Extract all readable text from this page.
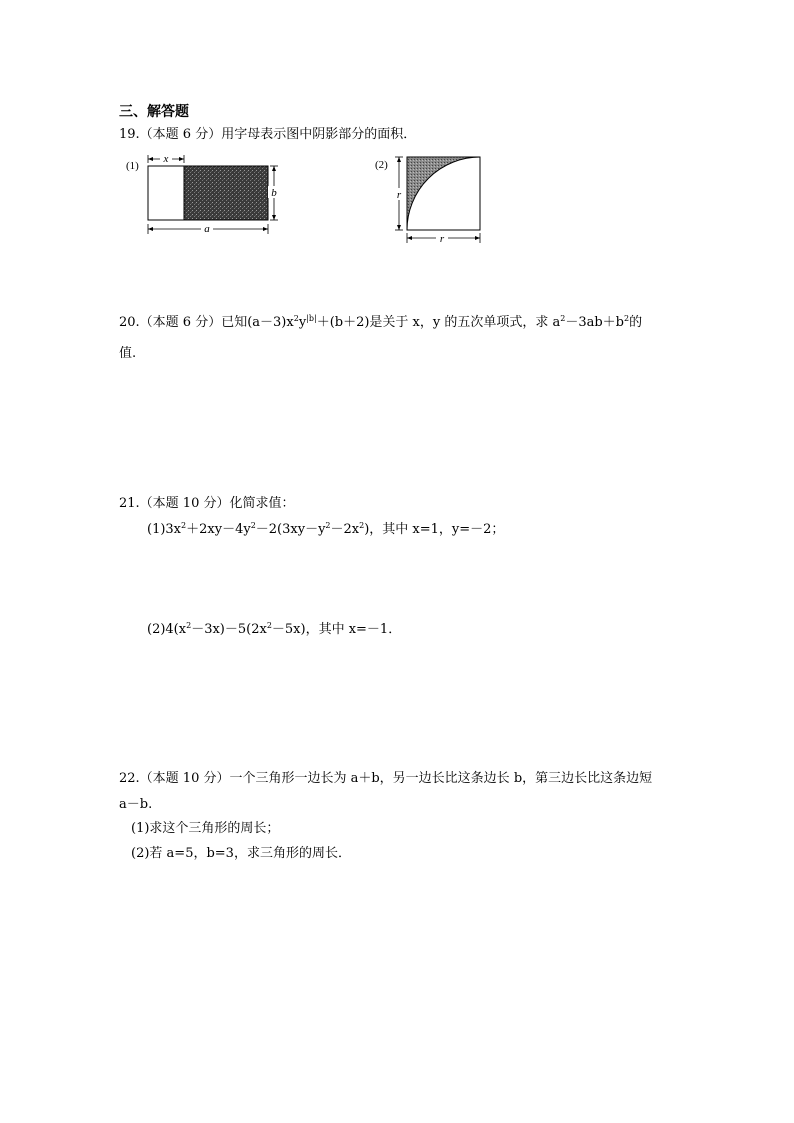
三、解答题
19.（本题 6 分）用字母表示图中阴影部分的面积．
(1)
x
b
a
(2)
r
r
20.（本题 6 分）已知$(a-3)x^2y^{|b|}+(b+2)$是关于 x，y 的五次单项式，求 $a^2-3ab+b^2$的
值.
21.（本题 10 分）化简求值：
$(1)3x^2+2xy-4y^2-2(3xy-y^2-2x^2)$，其中 x=1，y=－2；
$(2)4(x^2-3x)-5(2x^2-5x)$，其中 x=－1．
22.（本题 10 分）一个三角形一边长为 a＋b，另一边长比这条边长 b，第三边长比这条边短
a－b.
(1)求这个三角形的周长；
(2)若 a=5，b=3，求三角形的周长．
